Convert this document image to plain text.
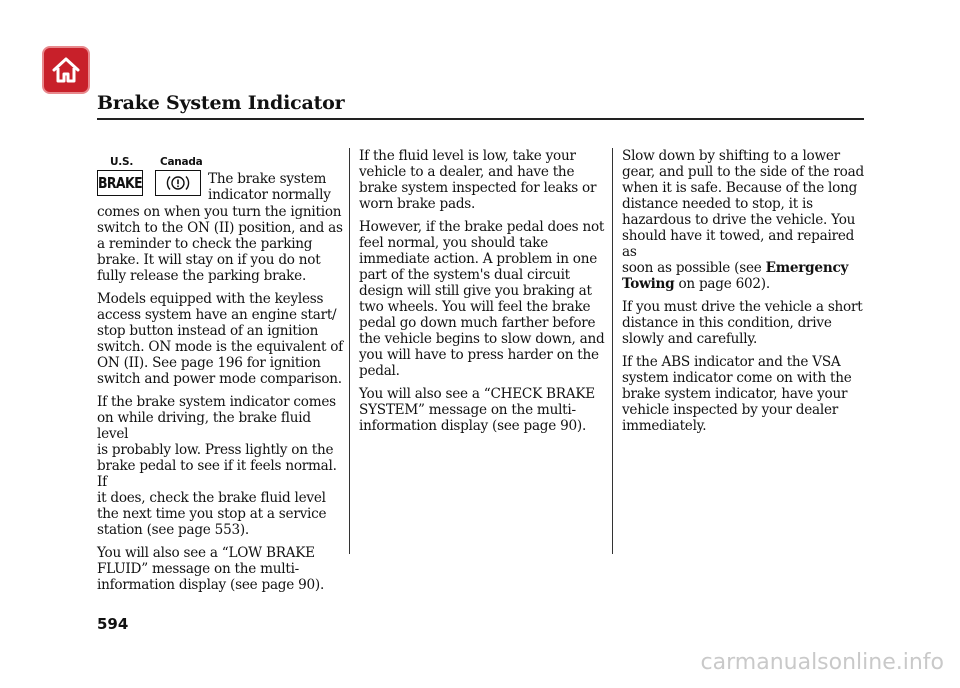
Brake System Indicator
U.S.	Canada
BRAKE	The brake system
indicator normally

comes on when you turn the ignition
switch to the ON (II) position, and as
a reminder to check the parking
brake. It will stay on if you do not
fully release the parking brake.

Models equipped with the keyless
access system have an engine start/
stop button instead of an ignition
switch. ON mode is the equivalent of
ON (II). See page 196 for ignition
switch and power mode comparison.

If the brake system indicator comes
on while driving, the brake fluid level
is probably low. Press lightly on the
brake pedal to see if it feels normal. If
it does, check the brake fluid level
the next time you stop at a service
station (see page 553).

You will also see a “LOW BRAKE
FLUID” message on the multi-
information display (see page 90).

If the fluid level is low, take your
vehicle to a dealer, and have the
brake system inspected for leaks or
worn brake pads.

However, if the brake pedal does not
feel normal, you should take
immediate action. A problem in one
part of the system's dual circuit
design will still give you braking at
two wheels. You will feel the brake
pedal go down much farther before
the vehicle begins to slow down, and
you will have to press harder on the
pedal.

You will also see a “CHECK BRAKE
SYSTEM” message on the multi-
information display (see page 90).

Slow down by shifting to a lower
gear, and pull to the side of the road
when it is safe. Because of the long
distance needed to stop, it is
hazardous to drive the vehicle. You
should have it towed, and repaired as
soon as possible (see Emergency
Towing on page 602).

If you must drive the vehicle a short
distance in this condition, drive
slowly and carefully.

If the ABS indicator and the VSA
system indicator come on with the
brake system indicator, have your
vehicle inspected by your dealer
immediately.

594
carmanualsonline.info
